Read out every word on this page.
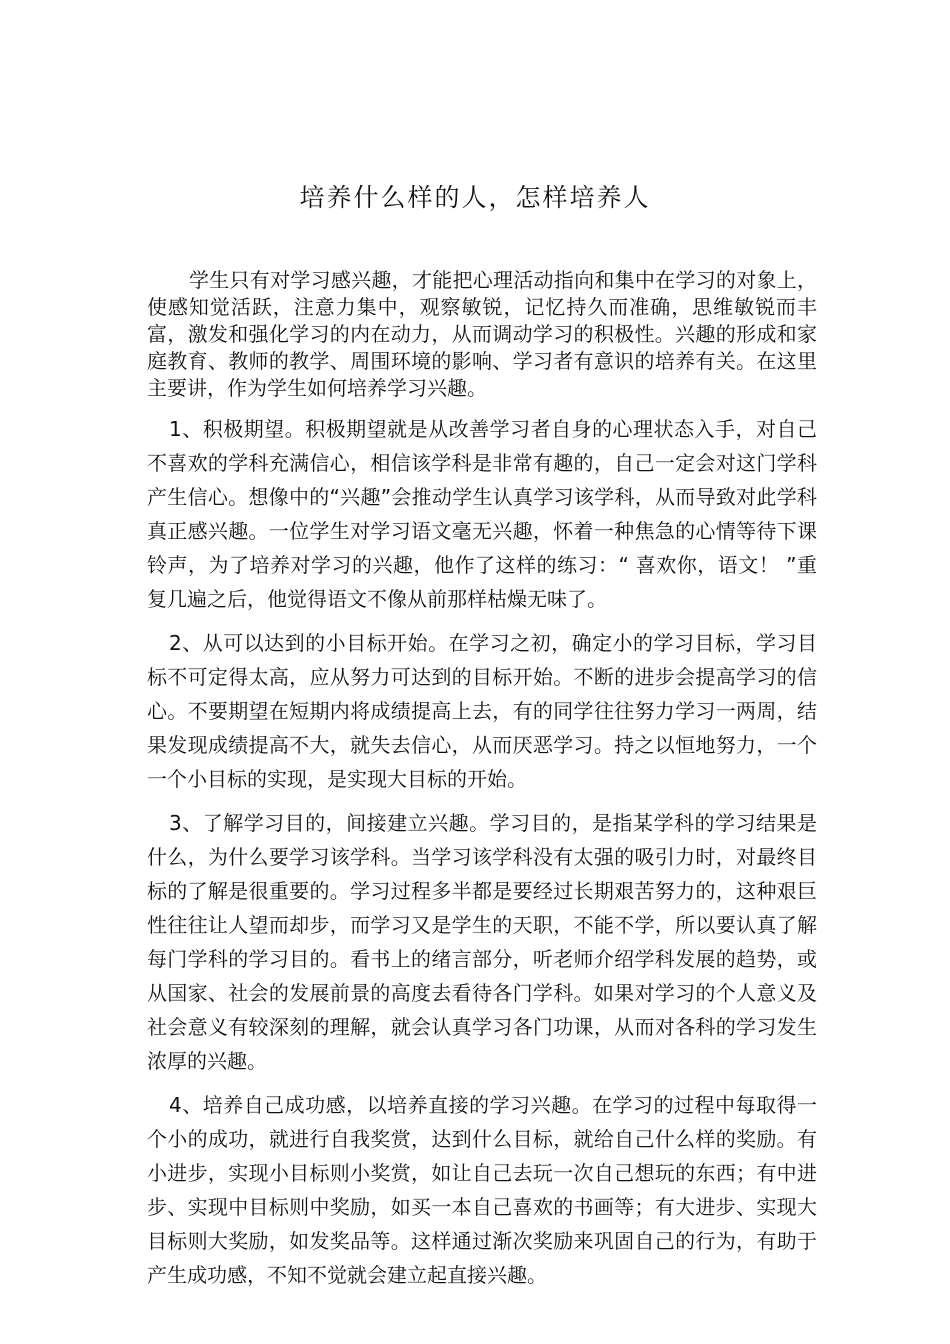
培养什么样的人，怎样培养人

学生只有对学习感兴趣，才能把心理活动指向和集中在学习的对象上，使感知觉活跃，注意力集中，观察敏锐，记忆持久而准确，思维敏锐而丰富，激发和强化学习的内在动力，从而调动学习的积极性。兴趣的形成和家庭教育、教师的教学、周围环境的影响、学习者有意识的培养有关。在这里主要讲，作为学生如何培养学习兴趣。

1、积极期望。积极期望就是从改善学习者自身的心理状态入手，对自己不喜欢的学科充满信心，相信该学科是非常有趣的，自己一定会对这门学科产生信心。想像中的“兴趣”会推动学生认真学习该学科，从而导致对此学科真正感兴趣。一位学生对学习语文毫无兴趣，怀着一种焦急的心情等待下课铃声，为了培养对学习的兴趣，他作了这样的练习：“ 喜欢你，语文！ ”重复几遍之后，他觉得语文不像从前那样枯燥无味了。

2、从可以达到的小目标开始。在学习之初，确定小的学习目标，学习目标不可定得太高，应从努力可达到的目标开始。不断的进步会提高学习的信心。不要期望在短期内将成绩提高上去，有的同学往往努力学习一两周，结果发现成绩提高不大，就失去信心，从而厌恶学习。持之以恒地努力，一个一个小目标的实现，是实现大目标的开始。

3、了解学习目的，间接建立兴趣。学习目的，是指某学科的学习结果是什么，为什么要学习该学科。当学习该学科没有太强的吸引力时，对最终目标的了解是很重要的。学习过程多半都是要经过长期艰苦努力的，这种艰巨性往往让人望而却步，而学习又是学生的天职，不能不学，所以要认真了解每门学科的学习目的。看书上的绪言部分，听老师介绍学科发展的趋势，或从国家、社会的发展前景的高度去看待各门学科。如果对学习的个人意义及社会意义有较深刻的理解，就会认真学习各门功课，从而对各科的学习发生浓厚的兴趣。

4、培养自己成功感，以培养直接的学习兴趣。在学习的过程中每取得一个小的成功，就进行自我奖赏，达到什么目标，就给自己什么样的奖励。有小进步，实现小目标则小奖赏，如让自己去玩一次自己想玩的东西；有中进步、实现中目标则中奖励，如买一本自己喜欢的书画等；有大进步、实现大目标则大奖励，如发奖品等。这样通过渐次奖励来巩固自己的行为，有助于产生成功感，不知不觉就会建立起直接兴趣。
